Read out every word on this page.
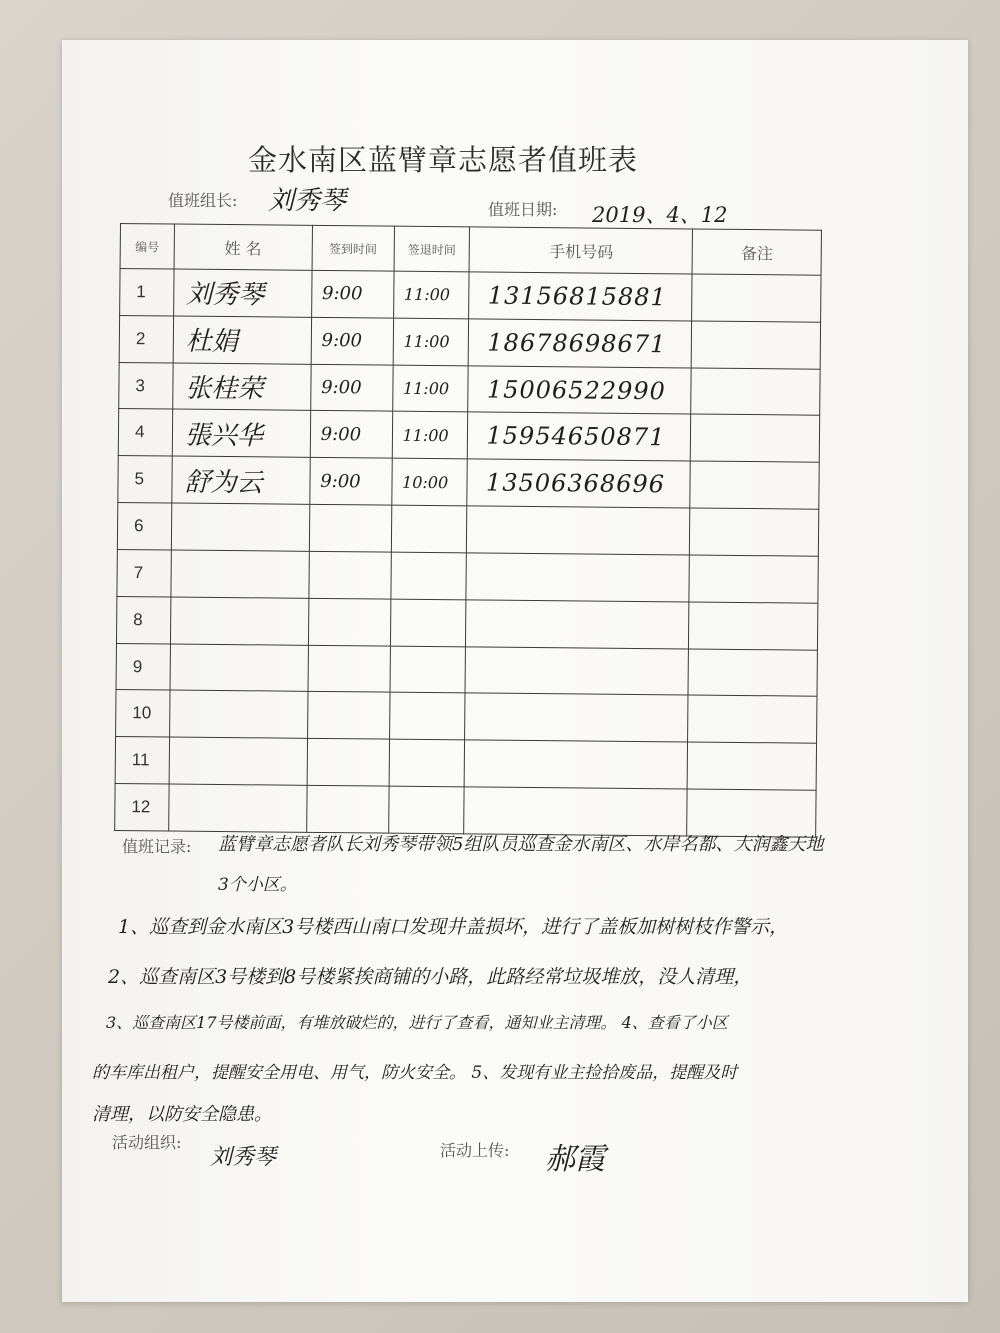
金水南区蓝臂章志愿者值班表
值班组长: 刘秀琴	值班日期: 2019、4、12
编号	姓 名	签到时间	签退时间	手机号码	备注
1	刘秀琴	9:00	11:00	13156815881	
2	杜娟	9:00	11:00	18678698671	
3	张桂荣	9:00	11:00	15006522990	
4	張兴华	9:00	11:00	15954650871	
5	舒为云	9:00	10:00	13506368696	
6					
7					
8					
9					
10					
11					
12					
值班记录: 蓝臂章志愿者队长刘秀琴带领5组队员巡查金水南区、水岸名都、大润鑫天地
3个小区。
1、巡查到金水南区3号楼西山南口发现井盖损坏，进行了盖板加树树枝作警示，
2、巡查南区3号楼到8号楼紧挨商铺的小路，此路经常垃圾堆放，没人清理，
3、巡查南区17号楼前面，有堆放破烂的，进行了查看，通知业主清理。 4、查看了小区
的车库出租户，提醒安全用电、用气，防火安全。 5、发现有业主捡拾废品，提醒及时
清理，以防安全隐患。
活动组织:
刘秀琴	活动上传: 郝霞
